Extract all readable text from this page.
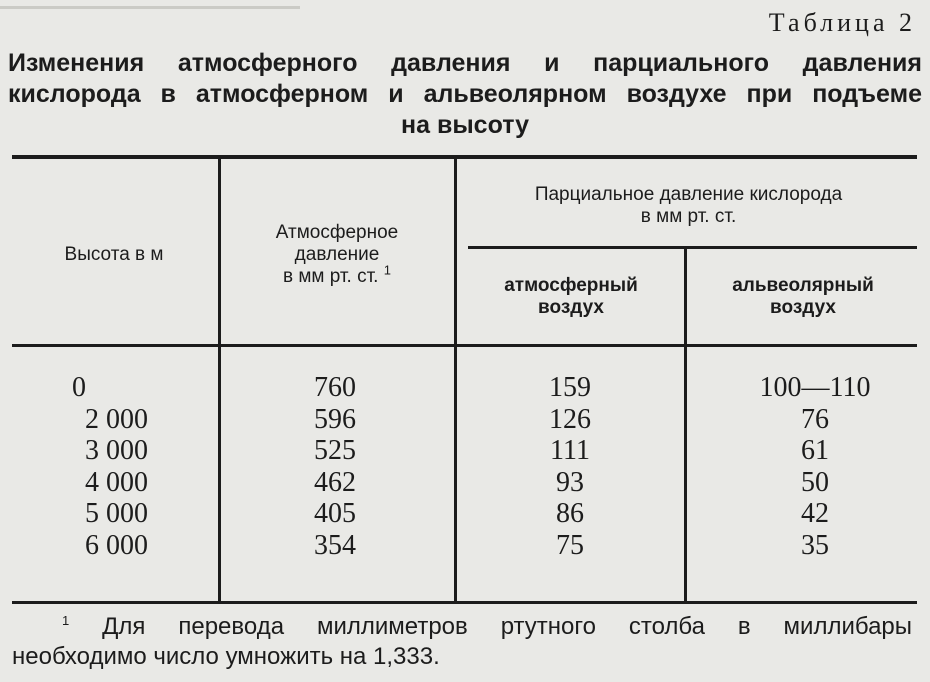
Таблица 2
Изменения атмосферного давления и парциального давления
кислорода в атмосферном и альвеолярном воздухе при подъеме
на высоту
Высота в м
Атмосферное
давление
в мм рт. ст. $^1$
Парциальное давление кислорода
в мм рт. ст.
атмосферный
воздух
альвеолярный
воздух
0
2 000
3 000
4 000
5 000
6 000
760
596
525
462
405
354
159
126
111
93
86
75
100—110
76
61
50
42
35
$^1$ Для перевода миллиметров ртутного столба в миллибары
необходимо число умножить на 1,333.
